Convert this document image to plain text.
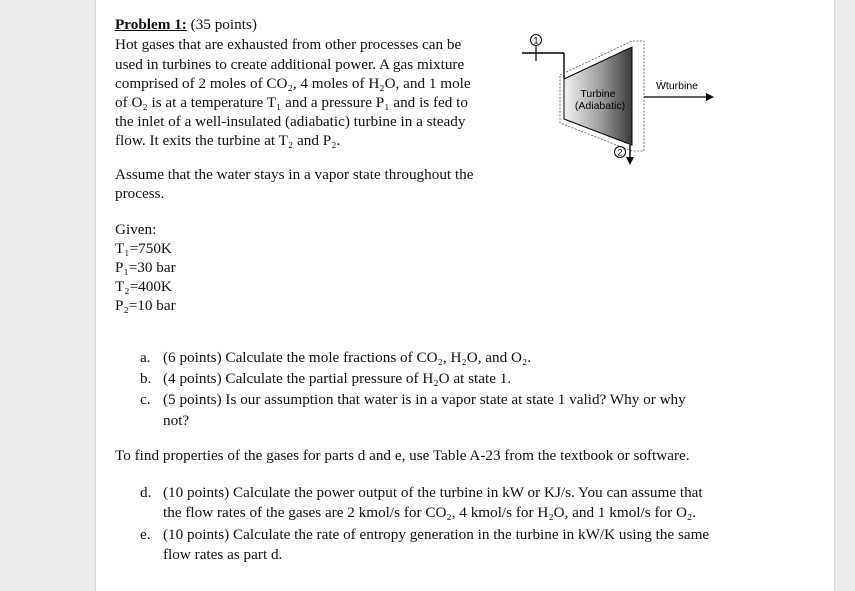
Problem 1: (35 points)
Hot gases that are exhausted from other processes can be
used in turbines to create additional power. A gas mixture
comprised of 2 moles of CO₂, 4 moles of H₂O, and 1 mole
of O₂ is at a temperature T₁ and a pressure P₁ and is fed to
the inlet of a well-insulated (adiabatic) turbine in a steady
flow. It exits the turbine at T₂ and P₂.
Assume that the water stays in a vapor state throughout the
process.
Given:
T₁=750K
P₁=30 bar
T₂=400K
P₂=10 bar
1
Turbine
(Adiabatic)
Ẇturbine
2
a. (6 points) Calculate the mole fractions of CO₂, H₂O, and O₂.
b. (4 points) Calculate the partial pressure of H₂O at state 1.
c. (5 points) Is our assumption that water is in a vapor state at state 1 valid? Why or why
not?
To find properties of the gases for parts d and e, use Table A-23 from the textbook or software.
d. (10 points) Calculate the power output of the turbine in kW or KJ/s. You can assume that
the flow rates of the gases are 2 kmol/s for CO₂, 4 kmol/s for H₂O, and 1 kmol/s for O₂.
e. (10 points) Calculate the rate of entropy generation in the turbine in kW/K using the same
flow rates as part d.
